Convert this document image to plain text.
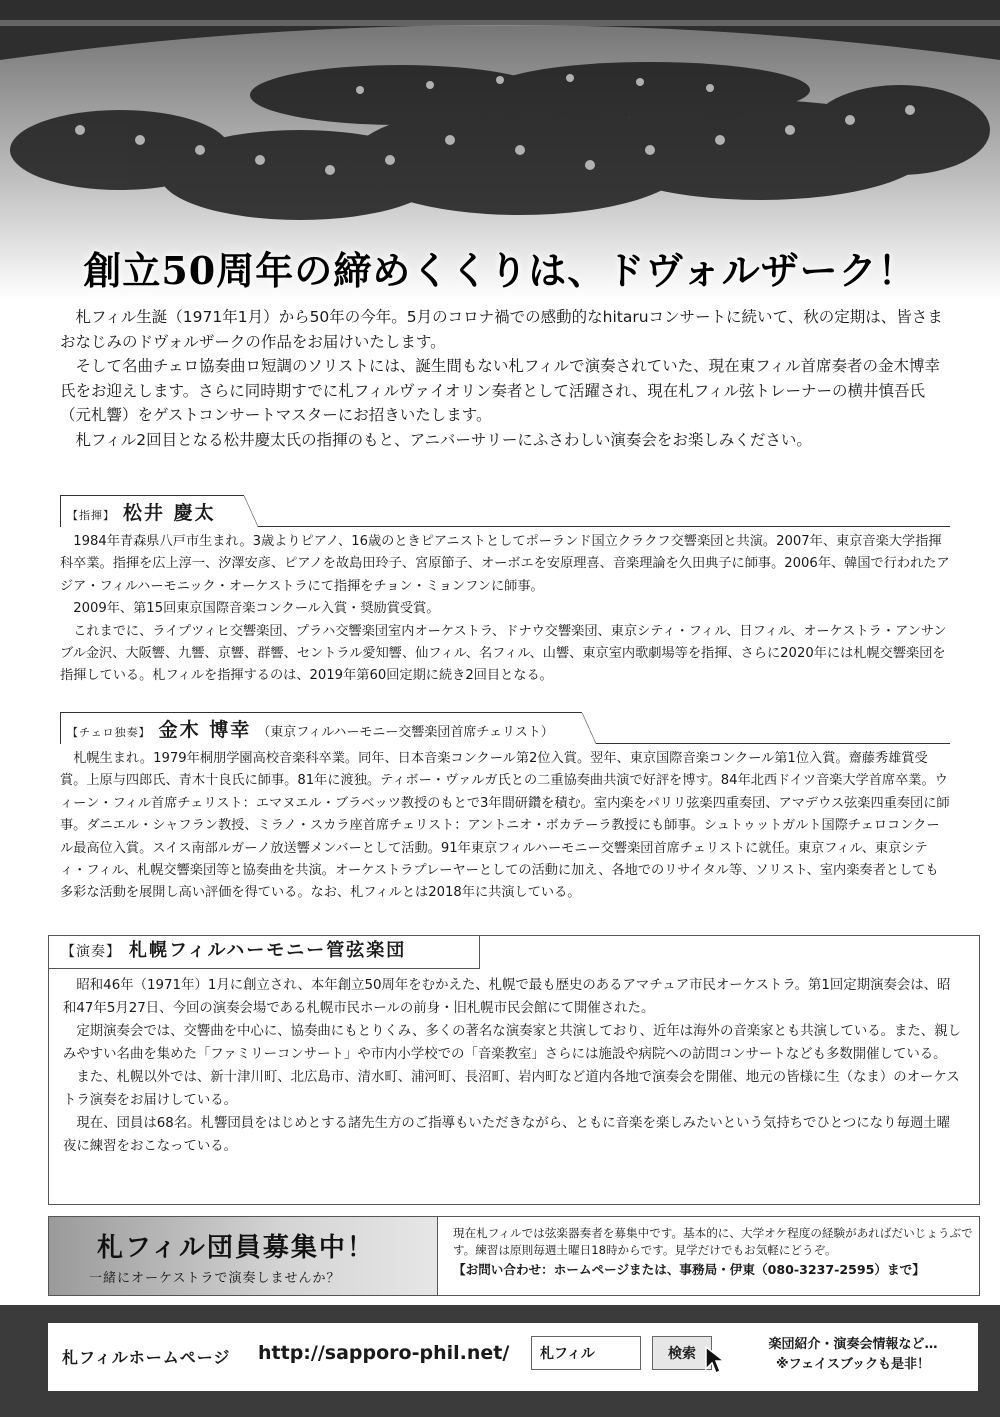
創立50周年の締めくくりは、ドヴォルザーク！

札フィル生誕（1971年1月）から50年の今年。5月のコロナ禍での感動的なhitaruコンサートに続いて、秋の定期は、皆さまおなじみのドヴォルザークの作品をお届けいたします。

そして名曲チェロ協奏曲ロ短調のソリストには、誕生間もない札フィルで演奏されていた、現在東フィル首席奏者の金木博幸氏をお迎えします。さらに同時期すでに札フィルヴァイオリン奏者として活躍され、現在札フィル弦トレーナーの横井慎吾氏（元札響）をゲストコンサートマスターにお招きいたします。

札フィル2回目となる松井慶太氏の指揮のもと、アニバーサリーにふさわしい演奏会をお楽しみください。

【指揮】 松井 慶太

1984年青森県八戸市生まれ。3歳よりピアノ、16歳のときピアニストとしてポーランド国立クラクフ交響楽団と共演。2007年、東京音楽大学指揮科卒業。指揮を広上淳一、汐澤安彦、ピアノを故島田玲子、宮原節子、オーボエを安原理喜、音楽理論を久田典子に師事。2006年、韓国で行われたアジア・フィルハーモニック・オーケストラにて指揮をチョン・ミョンフンに師事。

2009年、第15回東京国際音楽コンクール入賞・奨励賞受賞。

これまでに、ライプツィヒ交響楽団、プラハ交響楽団室内オーケストラ、ドナウ交響楽団、東京シティ・フィル、日フィル、オーケストラ・アンサンブル金沢、大阪響、九響、京響、群響、セントラル愛知響、仙フィル、名フィル、山響、東京室内歌劇場等を指揮、さらに2020年には札幌交響楽団を指揮している。札フィルを指揮するのは、2019年第60回定期に続き2回目となる。

【チェロ独奏】 金木 博幸 （東京フィルハーモニー交響楽団首席チェリスト）

札幌生まれ。1979年桐朋学園高校音楽科卒業。同年、日本音楽コンクール第2位入賞。翌年、東京国際音楽コンクール第1位入賞。齋藤秀雄賞受賞。上原与四郎氏、青木十良氏に師事。81年に渡独。ティボー・ヴァルガ氏との二重協奏曲共演で好評を博す。84年北西ドイツ音楽大学首席卒業。ウィーン・フィル首席チェリスト：エマヌエル・ブラベッツ教授のもとで3年間研鑽を積む。室内楽をパリリ弦楽四重奏団、アマデウス弦楽四重奏団に師事。ダニエル・シャフラン教授、ミラノ・スカラ座首席チェリスト：アントニオ・ボカテーラ教授にも師事。シュトゥットガルト国際チェロコンクール最高位入賞。スイス南部ルガーノ放送響メンバーとして活動。91年東京フィルハーモニー交響楽団首席チェリストに就任。東京フィル、東京シティ・フィル、札幌交響楽団等と協奏曲を共演。オーケストラプレーヤーとしての活動に加え、各地でのリサイタル等、ソリスト、室内楽奏者としても多彩な活動を展開し高い評価を得ている。なお、札フィルとは2018年に共演している。

【演奏】 札幌フィルハーモニー管弦楽団

昭和46年（1971年）1月に創立され、本年創立50周年をむかえた、札幌で最も歴史のあるアマチュア市民オーケストラ。第1回定期演奏会は、昭和47年5月27日、今回の演奏会場である札幌市民ホールの前身・旧札幌市民会館にて開催された。

定期演奏会では、交響曲を中心に、協奏曲にもとりくみ、多くの著名な演奏家と共演しており、近年は海外の音楽家とも共演している。また、親しみやすい名曲を集めた「ファミリーコンサート」や市内小学校での「音楽教室」さらには施設や病院への訪問コンサートなども多数開催している。

また、札幌以外では、新十津川町、北広島市、清水町、浦河町、長沼町、岩内町など道内各地で演奏会を開催、地元の皆様に生（なま）のオーケストラ演奏をお届けしている。

現在、団員は68名。札響団員をはじめとする諸先生方のご指導もいただきながら、ともに音楽を楽しみたいという気持ちでひとつになり毎週土曜夜に練習をおこなっている。

札フィル団員募集中！
一緒にオーケストラで演奏しませんか？
現在札フィルでは弦楽器奏者を募集中です。基本的に、大学オケ程度の経験があればだいじょうぶです。練習は原則毎週土曜日18時からです。見学だけでもお気軽にどうぞ。
【お問い合わせ：ホームページまたは、事務局・伊東（080-3237-2595）まで】
札フィルホームページ http://sapporo-phil.net/	札フィル	検索
楽団紹介・演奏会情報など…
※フェイスブックも是非！
